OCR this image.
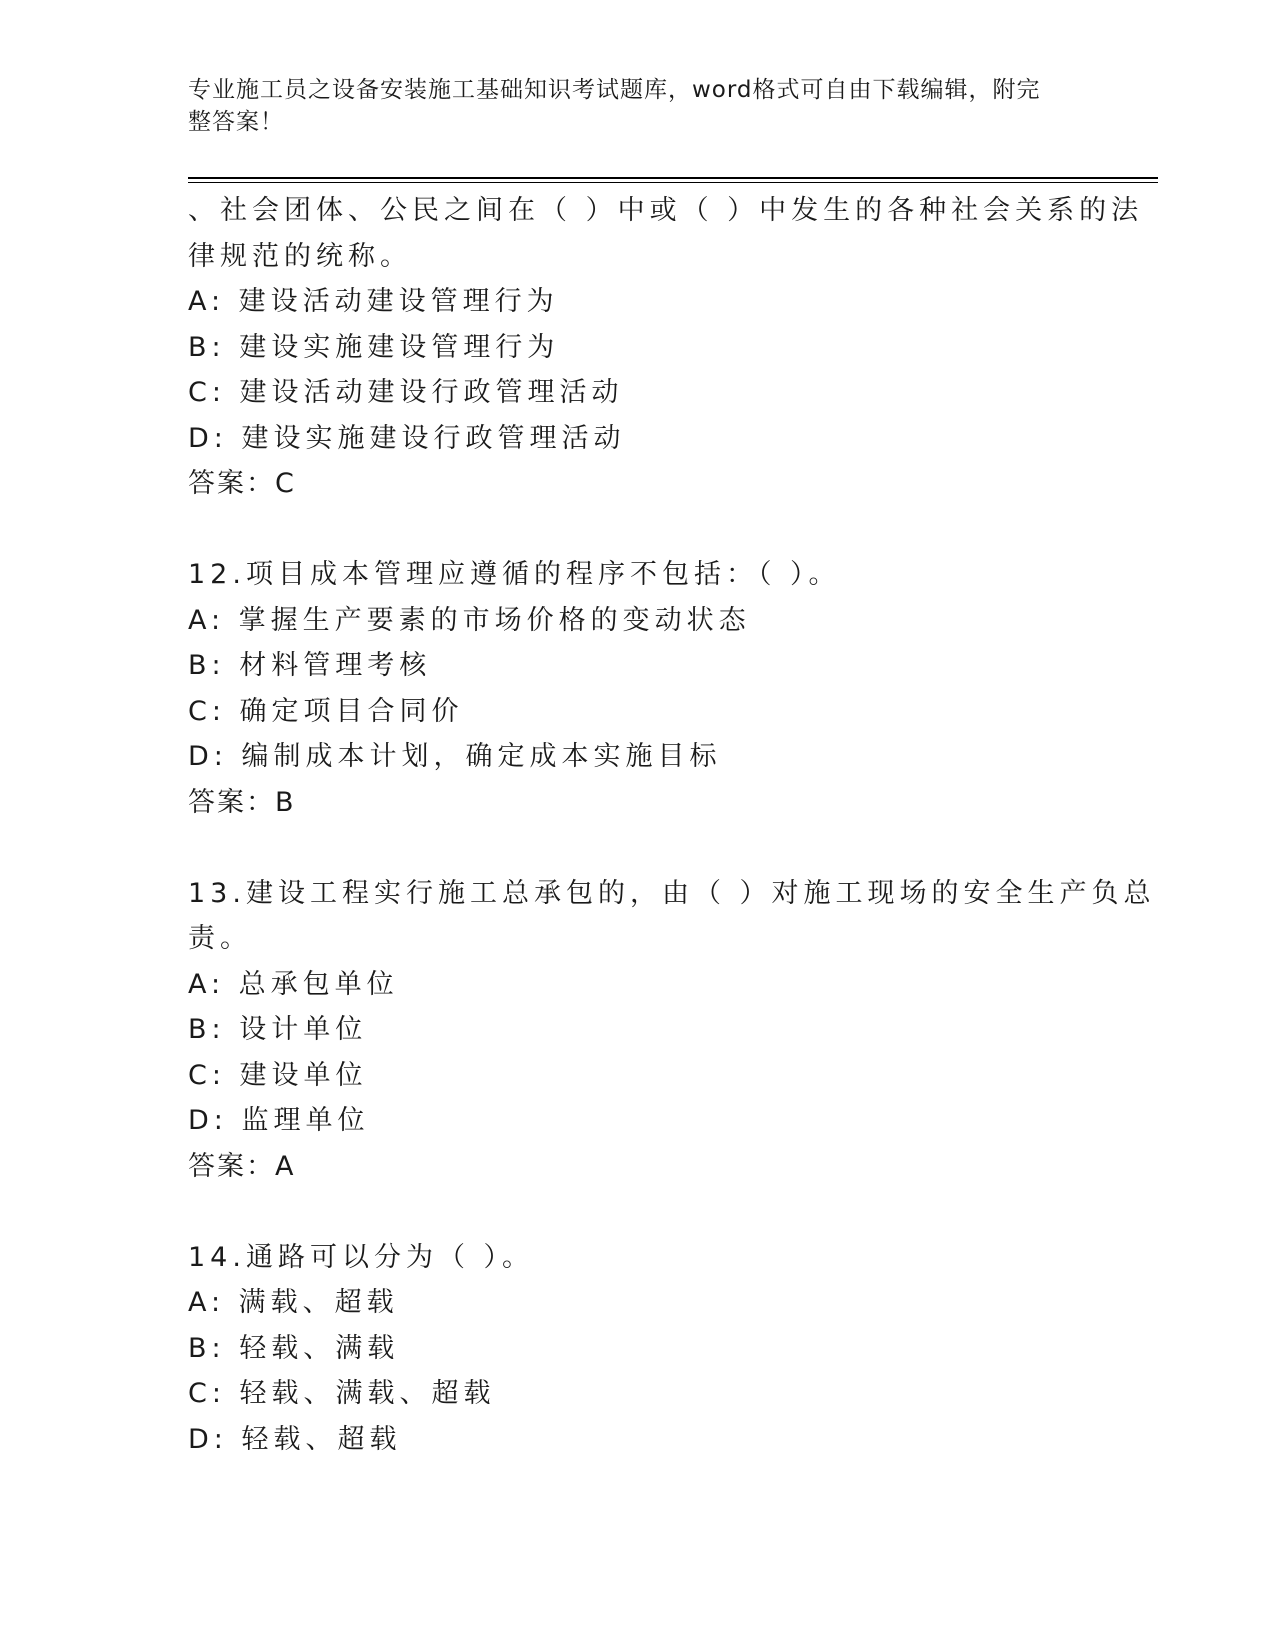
专业施工员之设备安装施工基础知识考试题库，word格式可自由下载编辑，附完
整答案！
、社会团体、公民之间在（ ）中或（ ）中发生的各种社会关系的法
律规范的统称。
A: 建设活动建设管理行为
B: 建设实施建设管理行为
C: 建设活动建设行政管理活动
D: 建设实施建设行政管理活动
答案：C
12.项目成本管理应遵循的程序不包括：（ ）。
A: 掌握生产要素的市场价格的变动状态
B: 材料管理考核
C: 确定项目合同价
D: 编制成本计划，确定成本实施目标
答案：B
13.建设工程实行施工总承包的，由（ ）对施工现场的安全生产负总
责。
A: 总承包单位
B: 设计单位
C: 建设单位
D: 监理单位
答案：A
14.通路可以分为（ ）。
A: 满载、超载
B: 轻载、满载
C: 轻载、满载、超载
D: 轻载、超载
